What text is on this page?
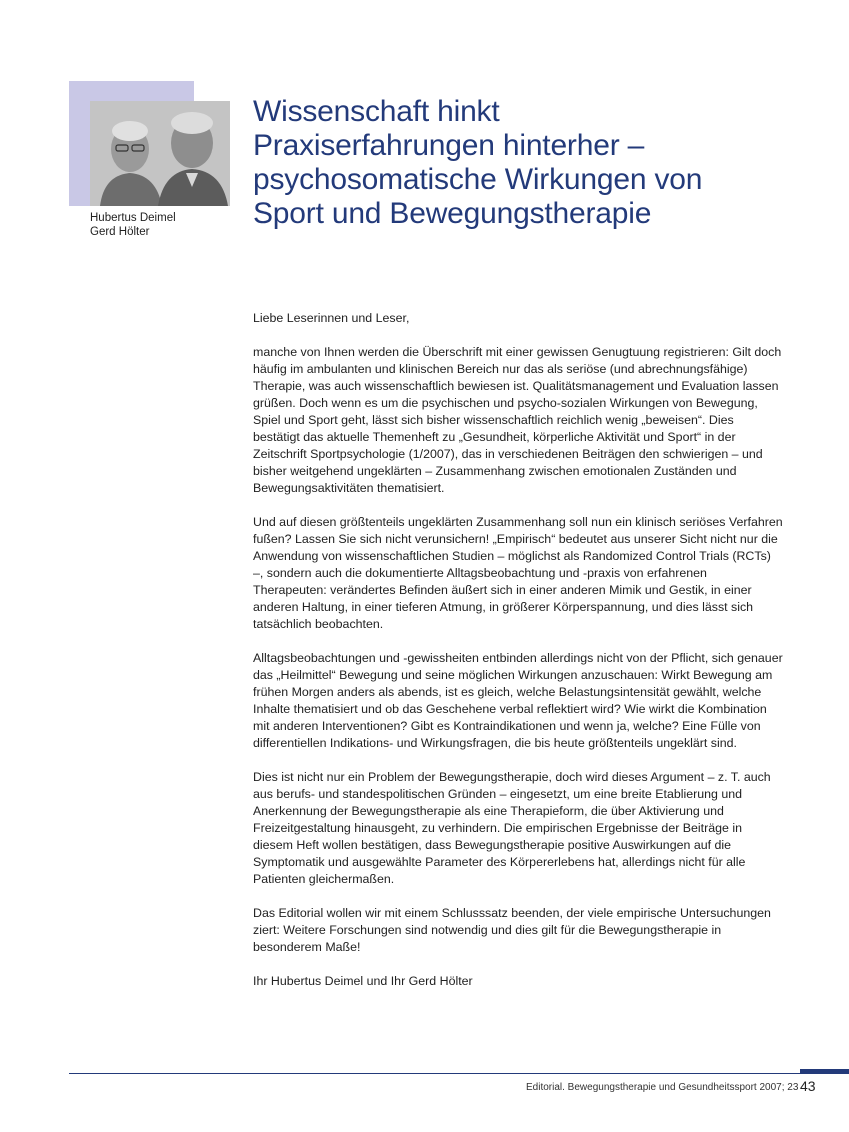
Hubertus Deimel
Gerd Hölter
Wissenschaft hinkt
Praxiserfahrungen hinterher –
psychosomatische Wirkungen von
Sport und Bewegungstherapie

Liebe Leserinnen und Leser,

manche von Ihnen werden die Überschrift mit einer gewissen Genugtuung registrieren: Gilt doch häufig im ambulanten und klinischen Bereich nur das als seriöse (und abrechnungsfähige) Therapie, was auch wissenschaftlich bewiesen ist. Qualitätsmanagement und Evaluation lassen grüßen. Doch wenn es um die psychischen und psycho-sozialen Wirkungen von Bewegung, Spiel und Sport geht, lässt sich bisher wissenschaftlich reichlich wenig „beweisen“. Dies bestätigt das aktuelle Themenheft zu „Gesundheit, körperliche Aktivität und Sport“ in der Zeitschrift Sportpsychologie (1/2007), das in verschiedenen Beiträgen den schwierigen – und bisher weitgehend ungeklärten – Zusammenhang zwischen emotionalen Zuständen und Bewegungsaktivitäten thematisiert.

Und auf diesen größtenteils ungeklärten Zusammenhang soll nun ein klinisch seriöses Verfahren fußen? Lassen Sie sich nicht verunsichern! „Empirisch“ bedeutet aus unserer Sicht nicht nur die Anwendung von wissenschaftlichen Studien – möglichst als Randomized Control Trials (RCTs) –, sondern auch die dokumentierte Alltagsbeobachtung und -praxis von erfahrenen Therapeuten: verändertes Befinden äußert sich in einer anderen Mimik und Gestik, in einer anderen Haltung, in einer tieferen Atmung, in größerer Körperspannung, und dies lässt sich tatsächlich beobachten.

Alltagsbeobachtungen und -gewissheiten entbinden allerdings nicht von der Pflicht, sich genauer das „Heilmittel“ Bewegung und seine möglichen Wirkungen anzuschauen: Wirkt Bewegung am frühen Morgen anders als abends, ist es gleich, welche Belastungsintensität gewählt, welche Inhalte thematisiert und ob das Geschehene verbal reflektiert wird? Wie wirkt die Kombination mit anderen Interventionen? Gibt es Kontraindikationen und wenn ja, welche? Eine Fülle von differentiellen Indikations- und Wirkungsfragen, die bis heute größtenteils ungeklärt sind.

Dies ist nicht nur ein Problem der Bewegungstherapie, doch wird dieses Argument – z. T. auch aus berufs- und standespolitischen Gründen – eingesetzt, um eine breite Etablierung und Anerkennung der Bewegungstherapie als eine Therapieform, die über Aktivierung und Freizeitgestaltung hinausgeht, zu verhindern. Die empirischen Ergebnisse der Beiträge in diesem Heft wollen bestätigen, dass Bewegungstherapie positive Auswirkungen auf die Symptomatik und ausgewählte Parameter des Körpererlebens hat, allerdings nicht für alle Patienten gleichermaßen.

Das Editorial wollen wir mit einem Schlusssatz beenden, der viele empirische Untersuchungen ziert: Weitere Forschungen sind notwendig und dies gilt für die Bewegungstherapie in besonderem Maße!

Ihr Hubertus Deimel und Ihr Gerd Hölter

Editorial. Bewegungstherapie und Gesundheitssport 2007; 23 43
